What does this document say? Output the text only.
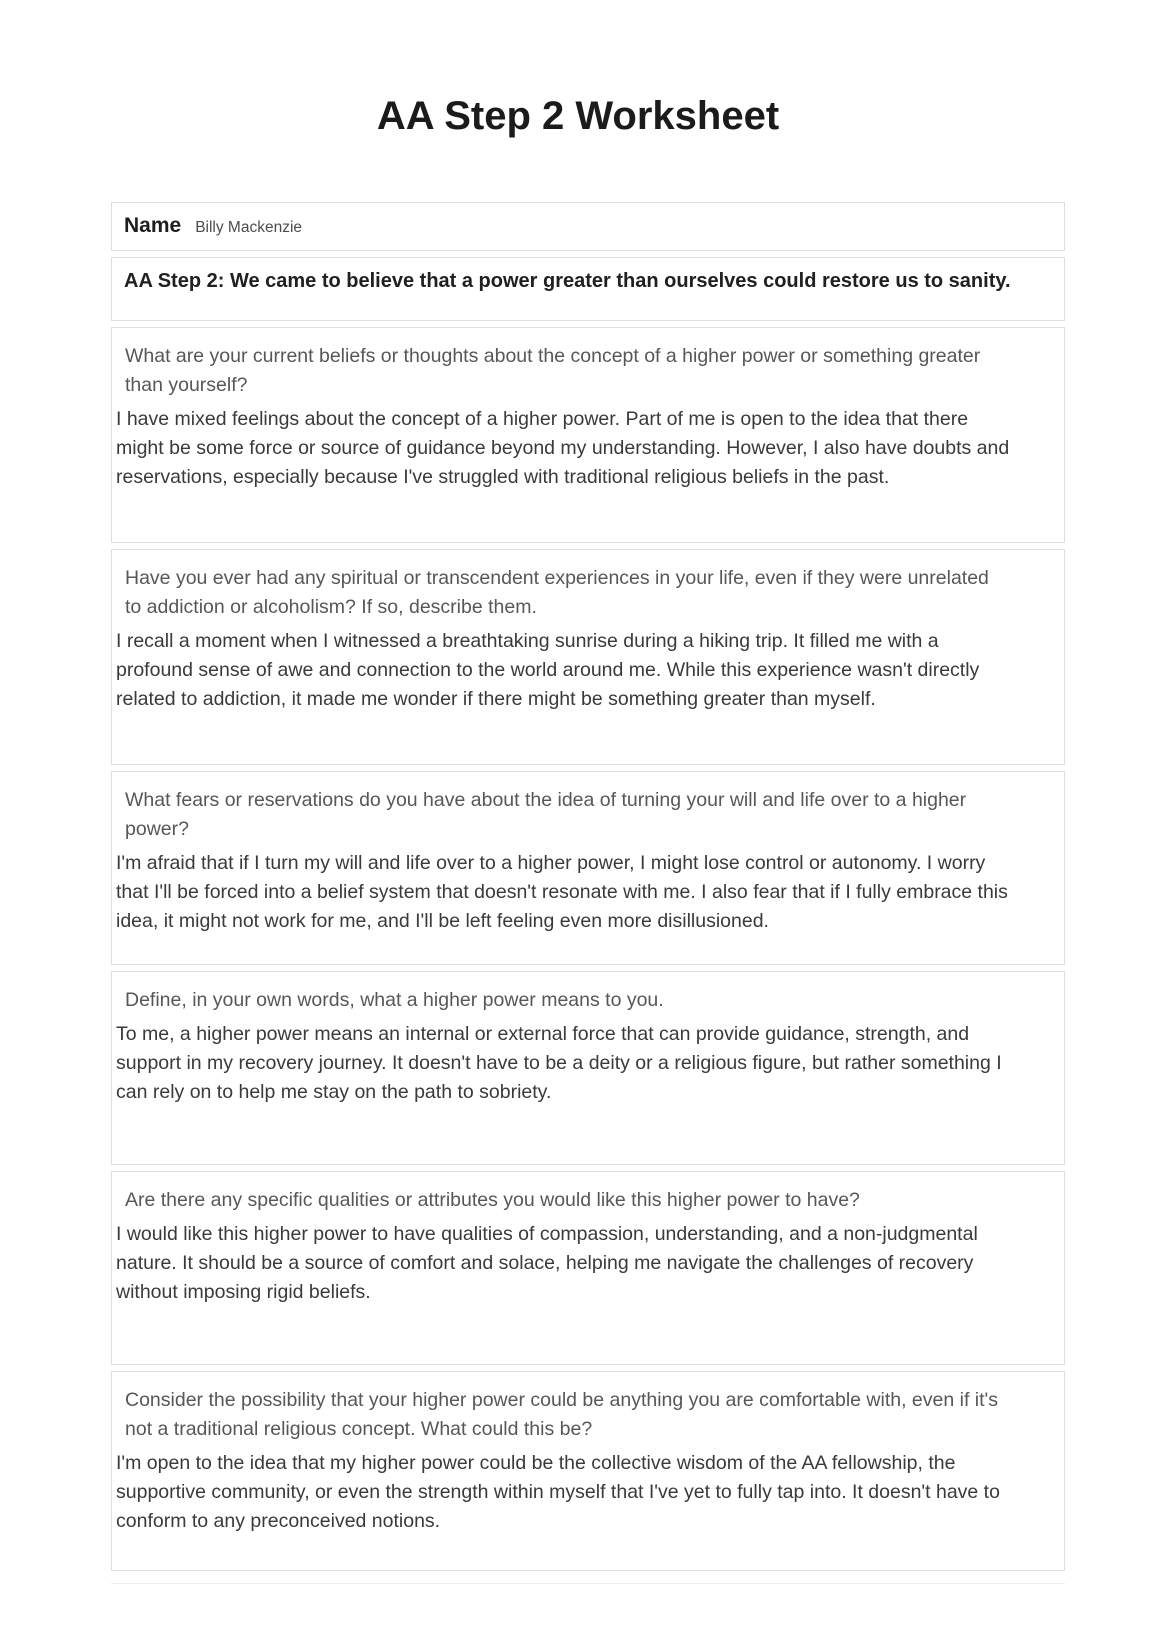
AA Step 2 Worksheet
Name Billy Mackenzie

AA Step 2: We came to believe that a power greater than ourselves could restore us to sanity.

What are your current beliefs or thoughts about the concept of a higher power or something greater than yourself?

I have mixed feelings about the concept of a higher power. Part of me is open to the idea that there might be some force or source of guidance beyond my understanding. However, I also have doubts and reservations, especially because I've struggled with traditional religious beliefs in the past.

Have you ever had any spiritual or transcendent experiences in your life, even if they were unrelated to addiction or alcoholism? If so, describe them.

I recall a moment when I witnessed a breathtaking sunrise during a hiking trip. It filled me with a profound sense of awe and connection to the world around me. While this experience wasn't directly related to addiction, it made me wonder if there might be something greater than myself.

What fears or reservations do you have about the idea of turning your will and life over to a higher power?

I'm afraid that if I turn my will and life over to a higher power, I might lose control or autonomy. I worry that I'll be forced into a belief system that doesn't resonate with me. I also fear that if I fully embrace this idea, it might not work for me, and I'll be left feeling even more disillusioned.

Define, in your own words, what a higher power means to you.

To me, a higher power means an internal or external force that can provide guidance, strength, and support in my recovery journey. It doesn't have to be a deity or a religious figure, but rather something I can rely on to help me stay on the path to sobriety.

Are there any specific qualities or attributes you would like this higher power to have?

I would like this higher power to have qualities of compassion, understanding, and a non-judgmental nature. It should be a source of comfort and solace, helping me navigate the challenges of recovery without imposing rigid beliefs.

Consider the possibility that your higher power could be anything you are comfortable with, even if it's not a traditional religious concept. What could this be?

I'm open to the idea that my higher power could be the collective wisdom of the AA fellowship, the supportive community, or even the strength within myself that I've yet to fully tap into. It doesn't have to conform to any preconceived notions.
